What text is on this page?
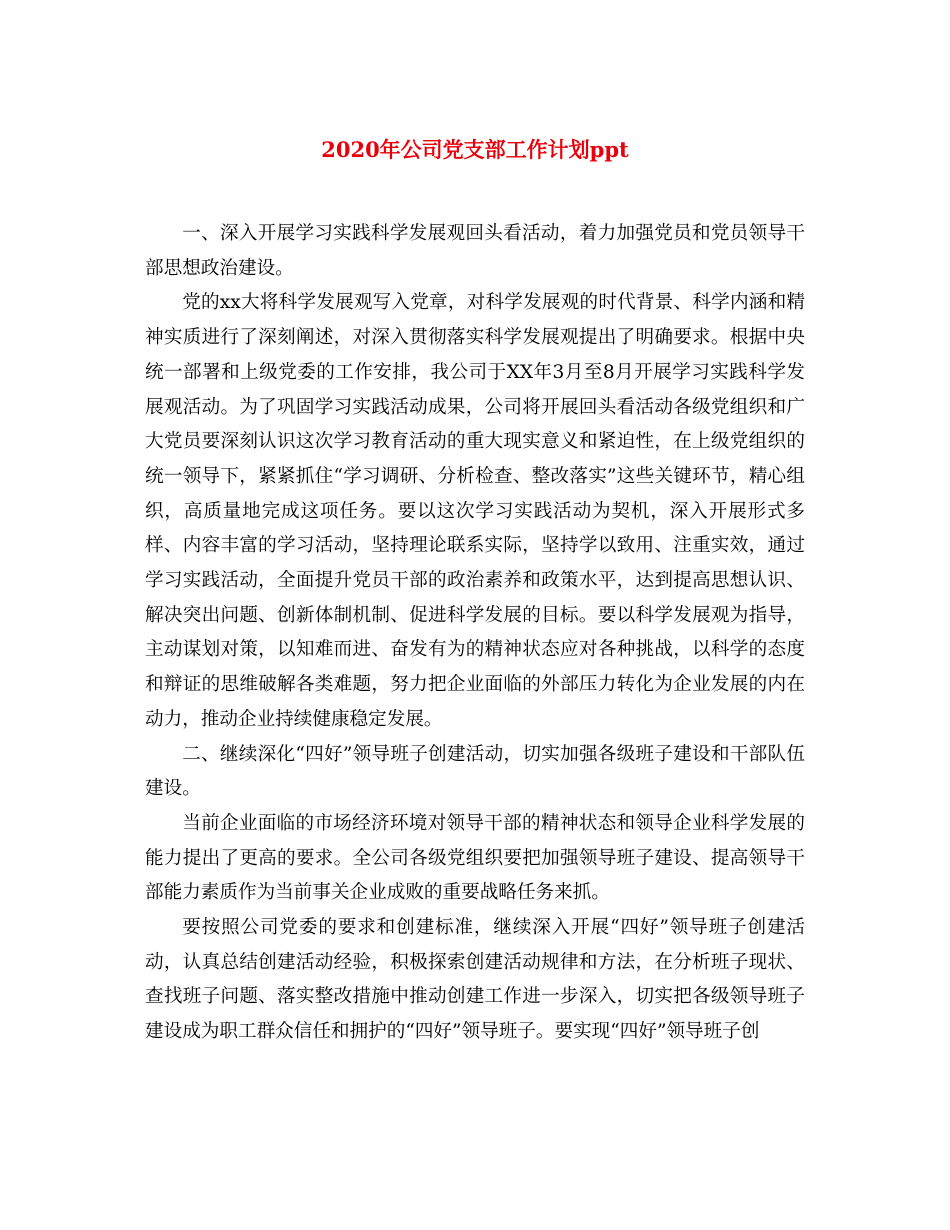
2020年公司党支部工作计划ppt

一、深入开展学习实践科学发展观回头看活动，着力加强党员和党员领导干部思想政治建设。

党的xx大将科学发展观写入党章，对科学发展观的时代背景、科学内涵和精神实质进行了深刻阐述，对深入贯彻落实科学发展观提出了明确要求。根据中央统一部署和上级党委的工作安排，我公司于XX年3月至8月开展学习实践科学发展观活动。为了巩固学习实践活动成果，公司将开展回头看活动各级党组织和广大党员要深刻认识这次学习教育活动的重大现实意义和紧迫性，在上级党组织的统一领导下，紧紧抓住“学习调研、分析检查、整改落实”这些关键环节，精心组织，高质量地完成这项任务。要以这次学习实践活动为契机，深入开展形式多样、内容丰富的学习活动，坚持理论联系实际，坚持学以致用、注重实效，通过学习实践活动，全面提升党员干部的政治素养和政策水平，达到提高思想认识、解决突出问题、创新体制机制、促进科学发展的目标。要以科学发展观为指导，主动谋划对策，以知难而进、奋发有为的精神状态应对各种挑战，以科学的态度和辩证的思维破解各类难题，努力把企业面临的外部压力转化为企业发展的内在动力，推动企业持续健康稳定发展。

二、继续深化“四好”领导班子创建活动，切实加强各级班子建设和干部队伍建设。

当前企业面临的市场经济环境对领导干部的精神状态和领导企业科学发展的能力提出了更高的要求。全公司各级党组织要把加强领导班子建设、提高领导干部能力素质作为当前事关企业成败的重要战略任务来抓。

要按照公司党委的要求和创建标准，继续深入开展“四好”领导班子创建活动，认真总结创建活动经验，积极探索创建活动规律和方法，在分析班子现状、查找班子问题、落实整改措施中推动创建工作进一步深入，切实把各级领导班子建设成为职工群众信任和拥护的“四好”领导班子。要实现“四好”领导班子创
